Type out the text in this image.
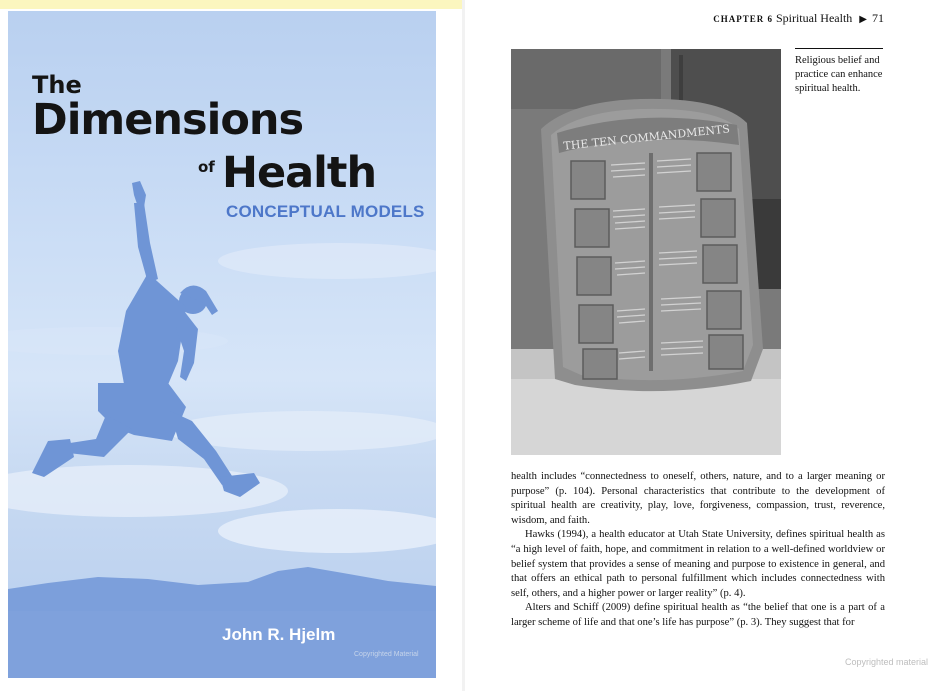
The
Dimensions
of Health
CONCEPTUAL MODELS
John R. Hjelm
Copyrighted Material
CHAPTER 6 Spiritual Health ▶ 71
THE TEN COMMANDMENTS
Religious belief and practice can enhance spiritual health.

health includes “connectedness to oneself, others, nature, and to a larger meaning or purpose” (p. 104). Personal characteristics that contribute to the development of spiritual health are creativity, play, love, forgiveness, compassion, trust, reverence, wisdom, and faith.

Hawks (1994), a health educator at Utah State University, defines spiritual health as “a high level of faith, hope, and commitment in relation to a well-defined worldview or belief system that provides a sense of meaning and purpose to existence in general, and that offers an ethical path to personal fulfillment which includes connectedness with self, others, and a higher power or larger reality” (p. 4).

Alters and Schiff (2009) define spiritual health as “the belief that one is a part of a larger scheme of life and that one’s life has purpose” (p. 3). They suggest that for

Copyrighted material
